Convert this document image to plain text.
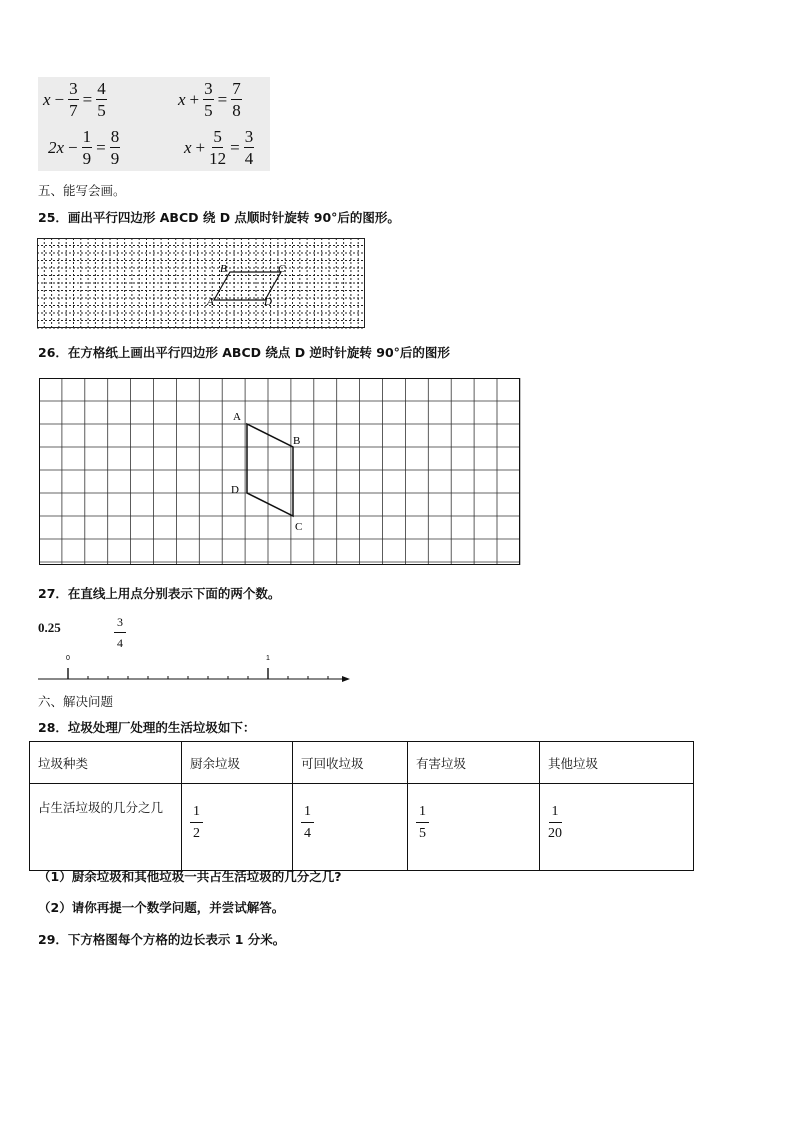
$x - \frac{3}{7} = \frac{4}{5}$	$x + \frac{3}{5} = \frac{7}{8}$
$2x - \frac{1}{9} = \frac{8}{9}$	$x + \frac{5}{12} = \frac{3}{4}$
五、能写会画。
25．画出平行四边形 ABCD 绕 D 点顺时针旋转 90°后的图形。
B	C
A	D
26．在方格纸上画出平行四边形 ABCD 绕点 D 逆时针旋转 90°后的图形
A
B
C
D
27．在直线上用点分别表示下面的两个数。
0.25	$\frac{3}{4}$
0	1
六、解决问题
28．垃圾处理厂处理的生活垃圾如下：
垃圾种类	厨余垃圾	可回收垃圾	有害垃圾	其他垃圾
占生活垃圾的几分之几	$\frac{1}{2}$	$\frac{1}{4}$	$\frac{1}{5}$	$\frac{1}{20}$
（1）厨余垃圾和其他垃圾一共占生活垃圾的几分之几?
（2）请你再提一个数学问题，并尝试解答。
29．下方格图每个方格的边长表示 1 分米。
